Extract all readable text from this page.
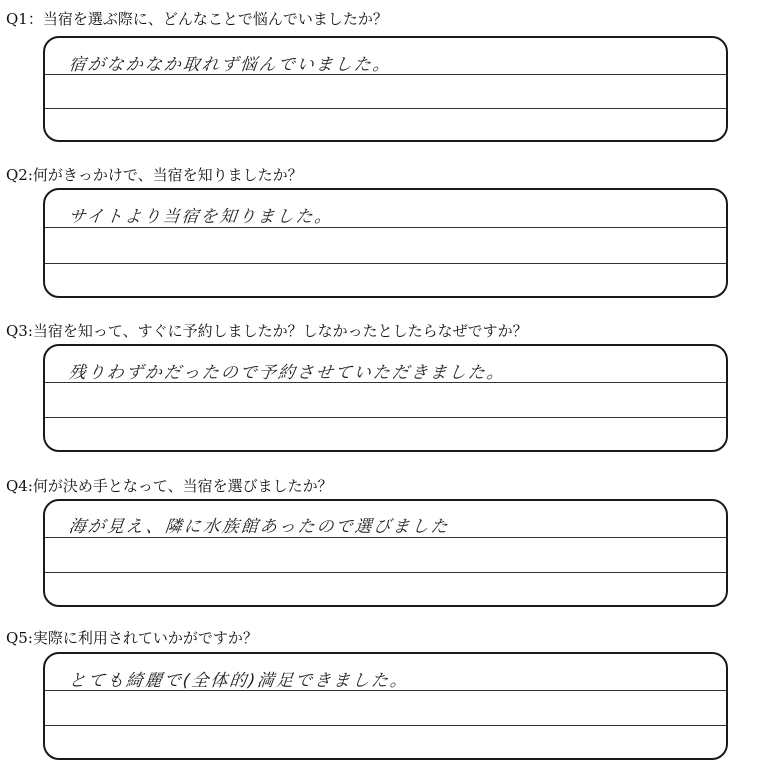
Q1：当宿を選ぶ際に、どんなことで悩んでいましたか？
宿がなかなか取れず悩んでいました。
Q2:何がきっかけで、当宿を知りましたか？
サイトより当宿を知りました。
Q3:当宿を知って、すぐに予約しましたか？しなかったとしたらなぜですか？
残りわずかだったので予約させていただきました。
Q4:何が決め手となって、当宿を選びましたか？
海が見え、隣に水族館あったので選びました
Q5:実際に利用されていかがですか？
とても綺麗で(全体的)満足できました。
